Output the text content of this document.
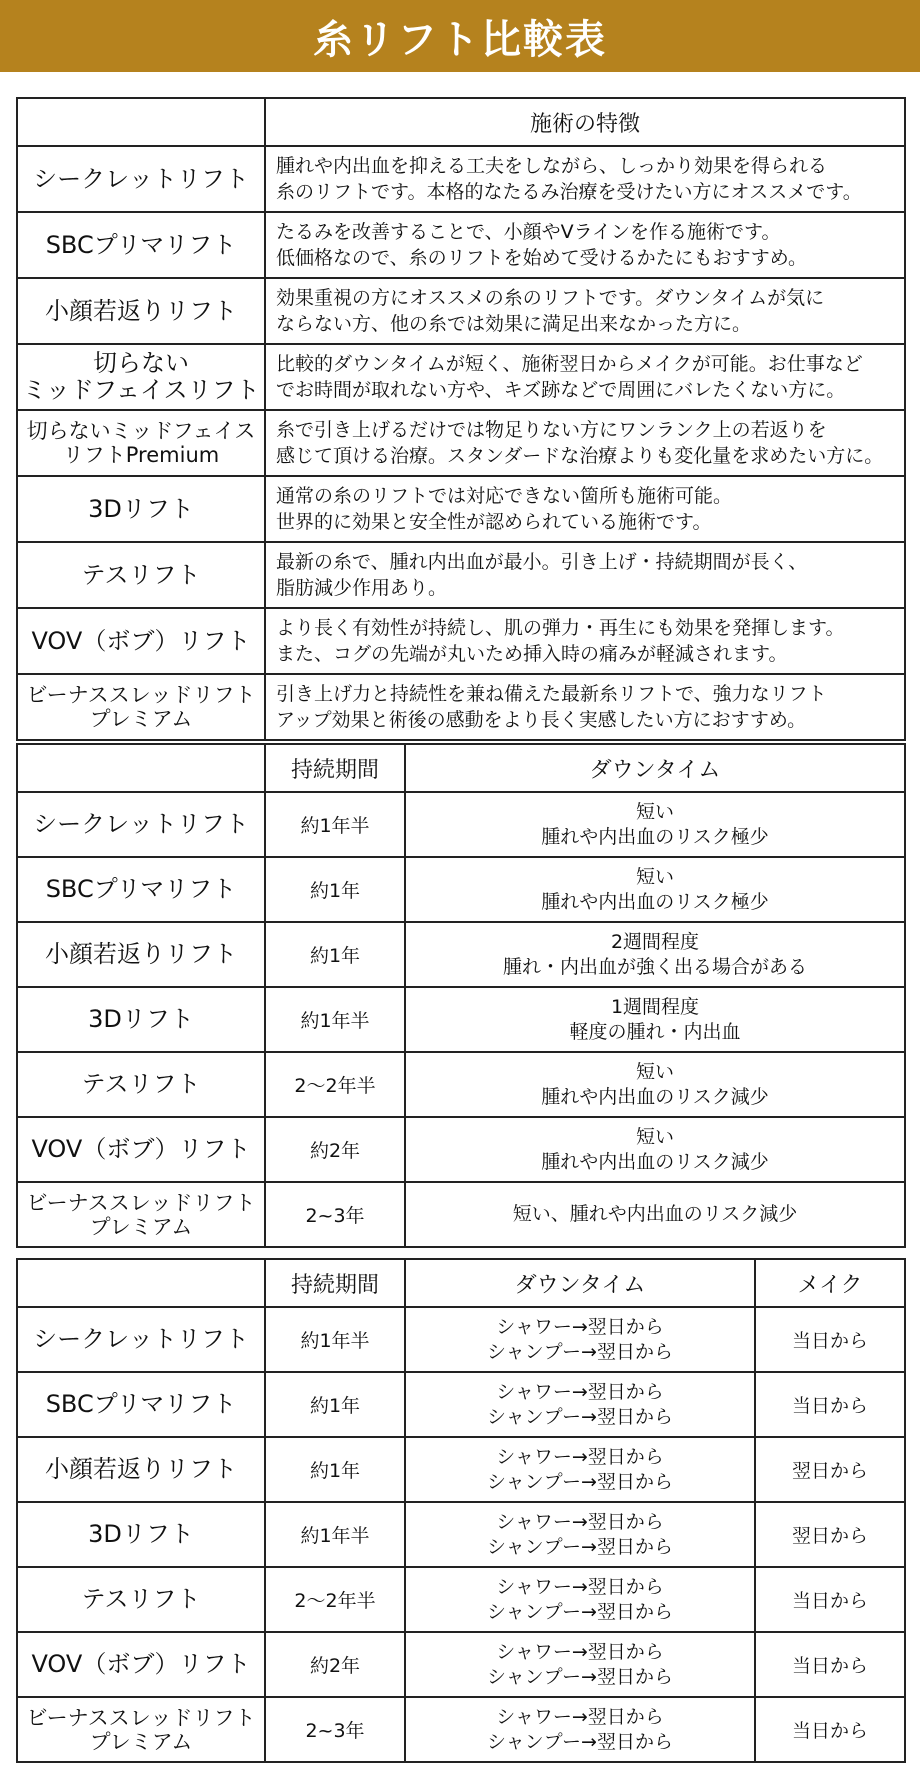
糸リフト比較表
	施術の特徴
シークレットリフト	腫れや内出血を抑える工夫をしながら、しっかり効果を得られる
糸のリフトです。本格的なたるみ治療を受けたい方にオススメです。
SBCプリマリフト	たるみを改善することで、小顔やVラインを作る施術です。
低価格なので、糸のリフトを始めて受けるかたにもおすすめ。
小顔若返りリフト	効果重視の方にオススメの糸のリフトです。ダウンタイムが気に
ならない方、他の糸では効果に満足出来なかった方に。
切らない
ミッドフェイスリフト	比較的ダウンタイムが短く、施術翌日からメイクが可能。お仕事など
でお時間が取れない方や、キズ跡などで周囲にバレたくない方に。
切らないミッドフェイス
リフトPremium	糸で引き上げるだけでは物足りない方にワンランク上の若返りを
感じて頂ける治療。スタンダードな治療よりも変化量を求めたい方に。
3Dリフト	通常の糸のリフトでは対応できない箇所も施術可能。
世界的に効果と安全性が認められている施術です。
テスリフト	最新の糸で、腫れ内出血が最小。引き上げ・持続期間が長く、
脂肪減少作用あり。
VOV（ボブ）リフト	より長く有効性が持続し、肌の弾力・再生にも効果を発揮します。
また、コグの先端が丸いため挿入時の痛みが軽減されます。
ビーナススレッドリフト
プレミアム	引き上げ力と持続性を兼ね備えた最新糸リフトで、強力なリフト
アップ効果と術後の感動をより長く実感したい方におすすめ。
	持続期間	ダウンタイム
シークレットリフト	約1年半	短い
腫れや内出血のリスク極少
SBCプリマリフト	約1年	短い
腫れや内出血のリスク極少
小顔若返りリフト	約1年	2週間程度
腫れ・内出血が強く出る場合がある
3Dリフト	約1年半	1週間程度
軽度の腫れ・内出血
テスリフト	2～2年半	短い
腫れや内出血のリスク減少
VOV（ボブ）リフト	約2年	短い
腫れや内出血のリスク減少
ビーナススレッドリフト
プレミアム	2~3年	短い、腫れや内出血のリスク減少
	持続期間	ダウンタイム	メイク
シークレットリフト	約1年半	シャワー→翌日から
シャンプー→翌日から	当日から
SBCプリマリフト	約1年	シャワー→翌日から
シャンプー→翌日から	当日から
小顔若返りリフト	約1年	シャワー→翌日から
シャンプー→翌日から	翌日から
3Dリフト	約1年半	シャワー→翌日から
シャンプー→翌日から	翌日から
テスリフト	2～2年半	シャワー→翌日から
シャンプー→翌日から	当日から
VOV（ボブ）リフト	約2年	シャワー→翌日から
シャンプー→翌日から	当日から
ビーナススレッドリフト
プレミアム	2~3年	シャワー→翌日から
シャンプー→翌日から	当日から
